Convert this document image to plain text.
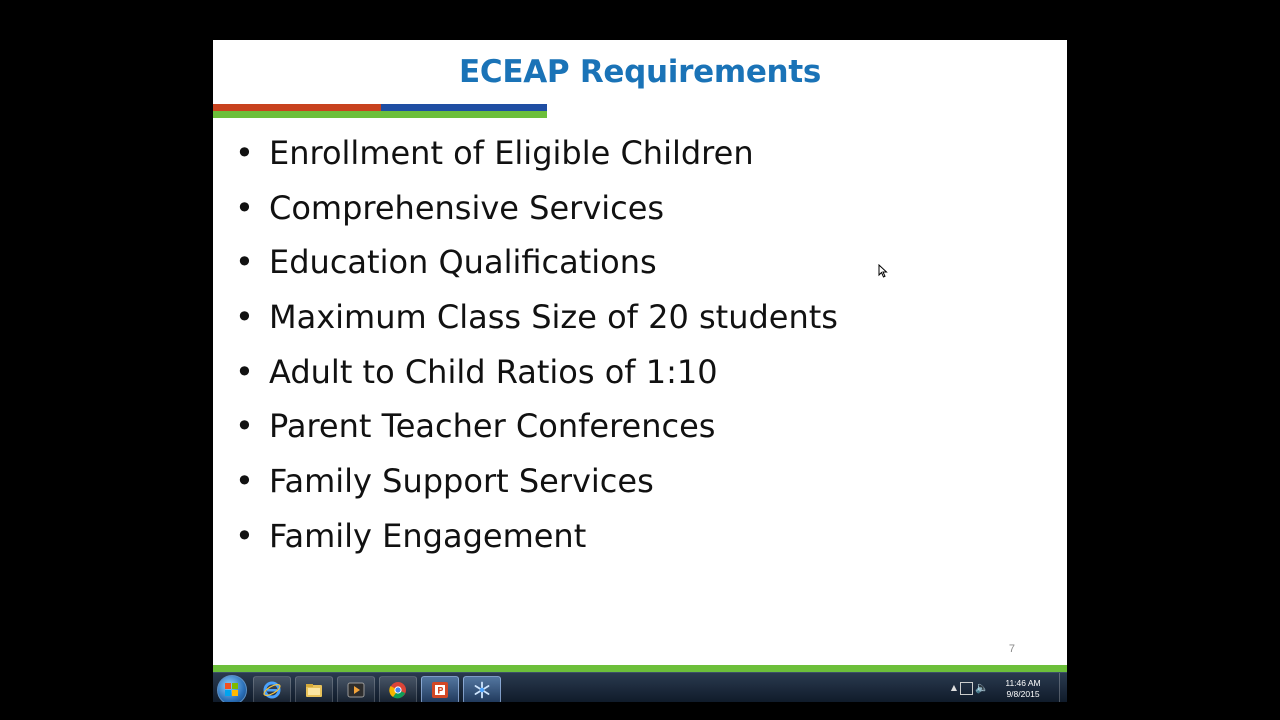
ECEAP Requirements
• Enrollment of Eligible Children
• Comprehensive Services
• Education Qualifications
• Maximum Class Size of 20 students
• Adult to Child Ratios of 1:10
• Parent Teacher Conferences
• Family Support Services
• Family Engagement
7
▲ 🔈	11:46 AM
9/8/2015
